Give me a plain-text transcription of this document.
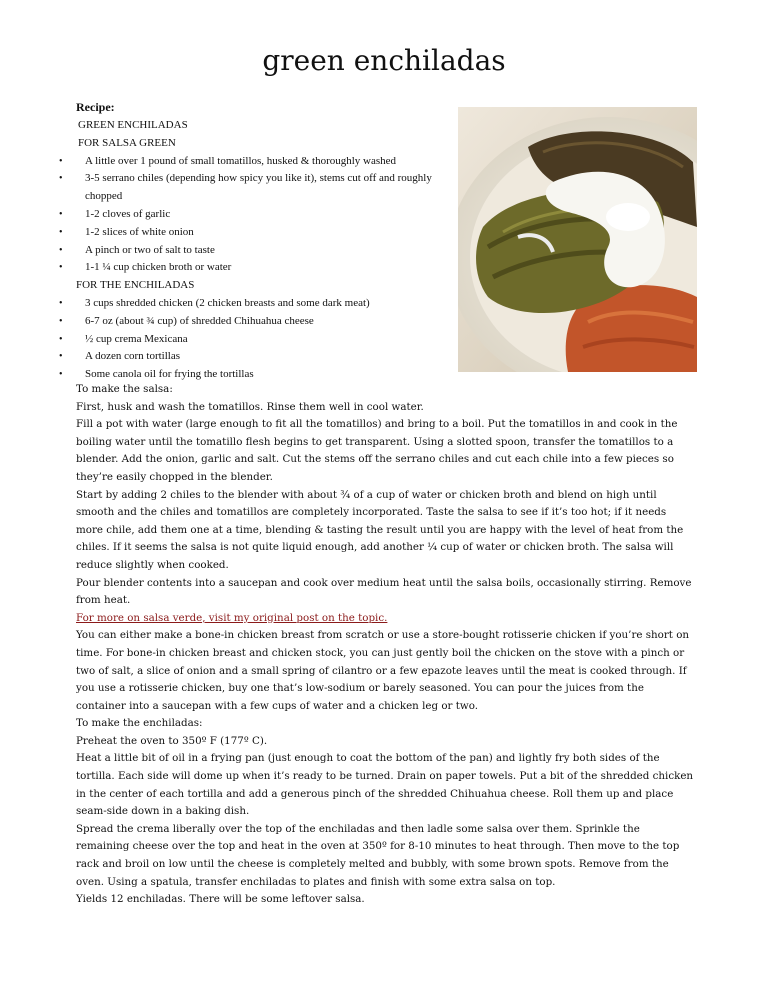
green enchiladas
Recipe:
GREEN ENCHILADAS
FOR SALSA GREEN
• A little over 1 pound of small tomatillos, husked & thoroughly washed
• 3-5 serrano chiles (depending how spicy you like it), stems cut off and roughly chopped
• 1-2 cloves of garlic
• 1-2 slices of white onion
• A pinch or two of salt to taste
• 1-1 ¼ cup chicken broth or water
FOR THE ENCHILADAS
• 3 cups shredded chicken (2 chicken breasts and some dark meat)
• 6-7 oz (about ¾ cup) of shredded Chihuahua cheese
• ½ cup crema Mexicana
• A dozen corn tortillas
• Some canola oil for frying the tortillas

To make the salsa:

First, husk and wash the tomatillos. Rinse them well in cool water.

Fill a pot with water (large enough to fit all the tomatillos) and bring to a boil. Put the tomatillos in and cook in the boiling water until the tomatillo flesh begins to get transparent. Using a slotted spoon, transfer the tomatillos to a blender. Add the onion, garlic and salt. Cut the stems off the serrano chiles and cut each chile into a few pieces so they’re easily chopped in the blender.

Start by adding 2 chiles to the blender with about ¾ of a cup of water or chicken broth and blend on high until smooth and the chiles and tomatillos are completely incorporated. Taste the salsa to see if it’s too hot; if it needs more chile, add them one at a time, blending & tasting the result until you are happy with the level of heat from the chiles. If it seems the salsa is not quite liquid enough, add another ¼ cup of water or chicken broth. The salsa will reduce slightly when cooked.

Pour blender contents into a saucepan and cook over medium heat until the salsa boils, occasionally stirring. Remove from heat.

For more on salsa verde, visit my original post on the topic.

You can either make a bone-in chicken breast from scratch or use a store-bought rotisserie chicken if you’re short on time. For bone-in chicken breast and chicken stock, you can just gently boil the chicken on the stove with a pinch or two of salt, a slice of onion and a small spring of cilantro or a few epazote leaves until the meat is cooked through. If you use a rotisserie chicken, buy one that’s low-sodium or barely seasoned. You can pour the juices from the container into a saucepan with a few cups of water and a chicken leg or two.

To make the enchiladas:

Preheat the oven to 350º F (177º C).

Heat a little bit of oil in a frying pan (just enough to coat the bottom of the pan) and lightly fry both sides of the tortilla. Each side will dome up when it’s ready to be turned. Drain on paper towels. Put a bit of the shredded chicken in the center of each tortilla and add a generous pinch of the shredded Chihuahua cheese. Roll them up and place seam-side down in a baking dish.

Spread the crema liberally over the top of the enchiladas and then ladle some salsa over them. Sprinkle the remaining cheese over the top and heat in the oven at 350º for 8-10 minutes to heat through. Then move to the top rack and broil on low until the cheese is completely melted and bubbly, with some brown spots. Remove from the oven. Using a spatula, transfer enchiladas to plates and finish with some extra salsa on top.

Yields 12 enchiladas. There will be some leftover salsa.
